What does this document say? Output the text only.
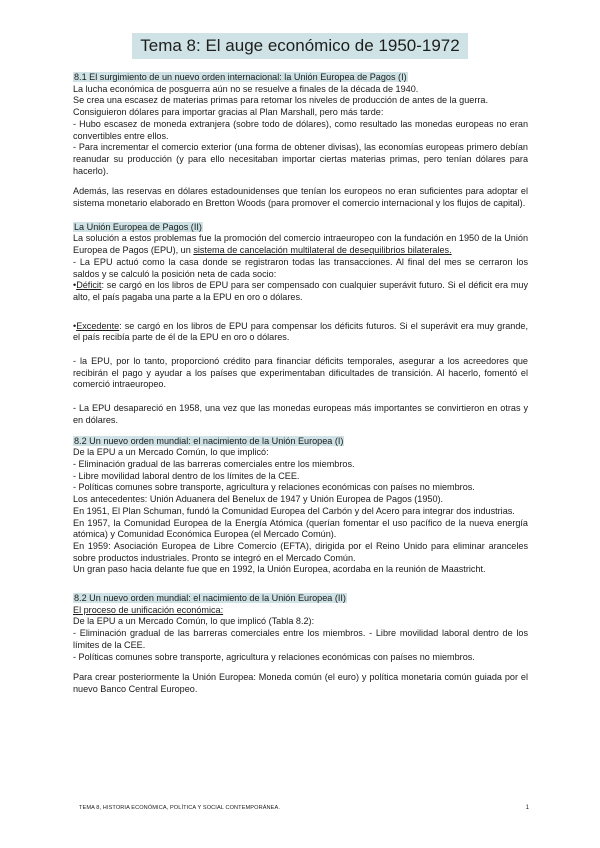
Tema 8: El auge económico de 1950-1972

8.1 El surgimiento de un nuevo orden internacional: la Unión Europea de Pagos (I)

La lucha económica de posguerra aún no se resuelve a finales de la década de 1940.

Se crea una escasez de materias primas para retomar los niveles de producción de antes de la guerra.

Consiguieron dólares para importar gracias al Plan Marshall, pero más tarde:

- Hubo escasez de moneda extranjera (sobre todo de dólares), como resultado las monedas europeas no eran convertibles entre ellos.

- Para incrementar el comercio exterior (una forma de obtener divisas), las economías europeas primero debían reanudar su producción (y para ello necesitaban importar ciertas materias primas, pero tenían dólares para hacerlo).

Además, las reservas en dólares estadounidenses que tenían los europeos no eran suficientes para adoptar el sistema monetario elaborado en Bretton Woods (para promover el comercio internacional y los flujos de capital).

La Unión Europea de Pagos (II)

La solución a estos problemas fue la promoción del comercio intraeuropeo con la fundación en 1950 de la Unión Europea de Pagos (EPU), un sistema de cancelación multilateral de desequilibrios bilaterales.

- La EPU actuó como la casa donde se registraron todas las transacciones. Al final del mes se cerraron los saldos y se calculó la posición neta de cada socio:

•Déficit: se cargó en los libros de EPU para ser compensado con cualquier superávit futuro. Si el déficit era muy alto, el país pagaba una parte a la EPU en oro o dólares.

•Excedente: se cargó en los libros de EPU para compensar los déficits futuros. Si el superávit era muy grande, el país recibía parte de él de la EPU en oro o dólares.

- la EPU, por lo tanto, proporcionó crédito para financiar déficits temporales, asegurar a los acreedores que recibirán el pago y ayudar a los países que experimentaban dificultades de transición. Al hacerlo, fomentó el comerció intraeuropeo.

- La EPU desapareció en 1958, una vez que las monedas europeas más importantes se convirtieron en otras y en dólares.

8.2 Un nuevo orden mundial: el nacimiento de la Unión Europea (I)

De la EPU a un Mercado Común, lo que implicó:

- Eliminación gradual de las barreras comerciales entre los miembros.

- Libre movilidad laboral dentro de los límites de la CEE.

- Políticas comunes sobre transporte, agricultura y relaciones económicas con países no miembros.

Los antecedentes: Unión Aduanera del Benelux de 1947 y Unión Europea de Pagos (1950).

En 1951, El Plan Schuman, fundó la Comunidad Europea del Carbón y del Acero para integrar dos industrias.

En 1957, la Comunidad Europea de la Energía Atómica (querían fomentar el uso pacífico de la nueva energía atómica) y Comunidad Económica Europea (el Mercado Común).

En 1959: Asociación Europea de Libre Comercio (EFTA), dirigida por el Reino Unido para eliminar aranceles sobre productos industriales. Pronto se integró en el Mercado Común.

Un gran paso hacia delante fue que en 1992, la Unión Europea, acordaba en la reunión de Maastricht.

8.2 Un nuevo orden mundial: el nacimiento de la Unión Europea (II)

El proceso de unificación económica:

De la EPU a un Mercado Común, lo que implicó (Tabla 8.2):

- Eliminación gradual de las barreras comerciales entre los miembros. - Libre movilidad laboral dentro de los límites de la CEE.

- Políticas comunes sobre transporte, agricultura y relaciones económicas con países no miembros.

Para crear posteriormente la Unión Europea: Moneda común (el euro) y política monetaria común guiada por el nuevo Banco Central Europeo.

TEMA 8, HISTORIA ECONÓMICA, POLÍTICA Y SOCIAL CONTEMPORÁNEA.	1
